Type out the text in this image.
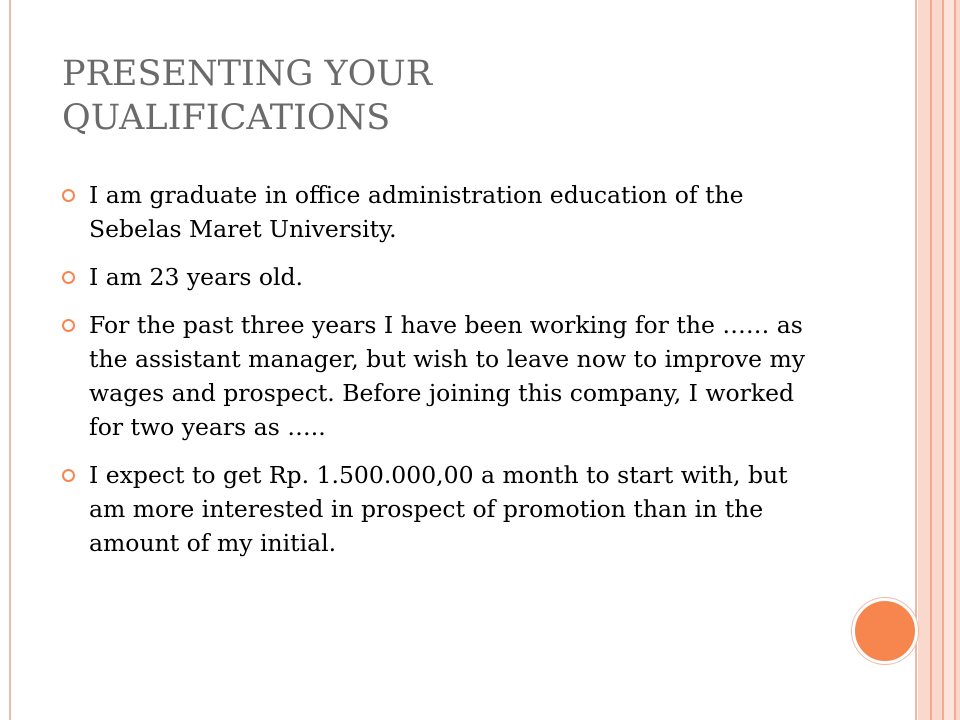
PRESENTING YOUR
QUALIFICATIONS
I am graduate in office administration education of the Sebelas Maret University.
I am 23 years old.
For the past three years I have been working for the …… as the assistant manager, but wish to leave now to improve my wages and prospect. Before joining this company, I worked for two years as …..
I expect to get Rp. 1.500.000,00 a month to start with, but am more interested in prospect of promotion than in the amount of my initial.
